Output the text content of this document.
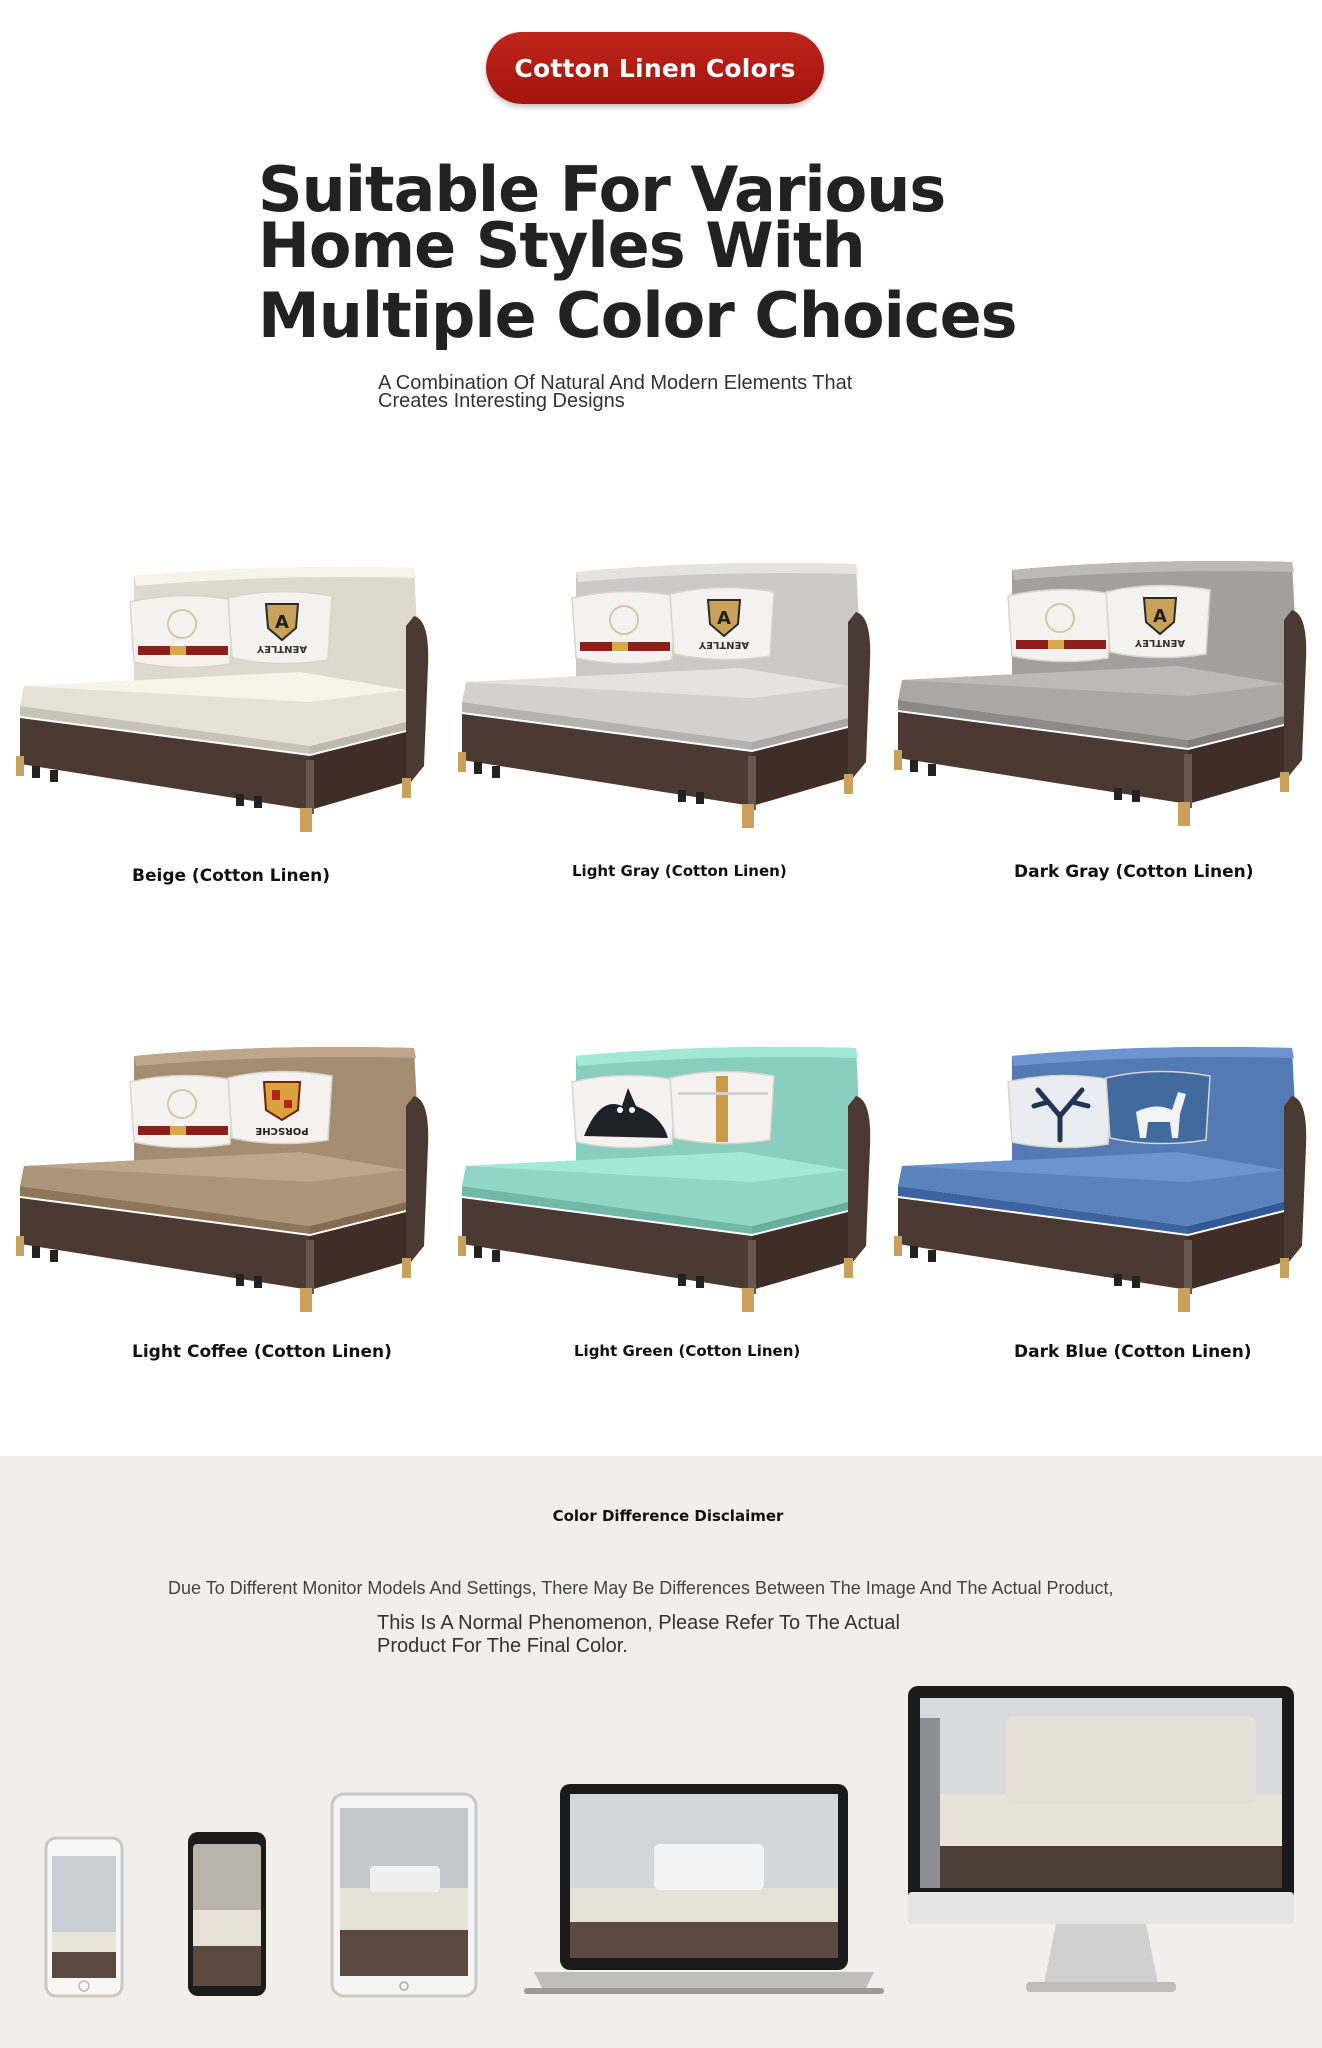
Cotton Linen Colors
Suitable For Various
Home Styles With
Multiple Color Choices
A Combination Of Natural And Modern Elements That
Creates Interesting Designs
A
AENTLEY
Beige (Cotton Linen)
A
AENTLEY
Light Gray (Cotton Linen)
A
AENTLEY
Dark Gray (Cotton Linen)
PORSCHE
Light Coffee (Cotton Linen)	Light Green (Cotton Linen)	Dark Blue (Cotton Linen)
Color Difference Disclaimer
Due To Different Monitor Models And Settings, There May Be Differences Between The Image And The Actual Product,
This Is A Normal Phenomenon, Please Refer To The Actual
Product For The Final Color.
